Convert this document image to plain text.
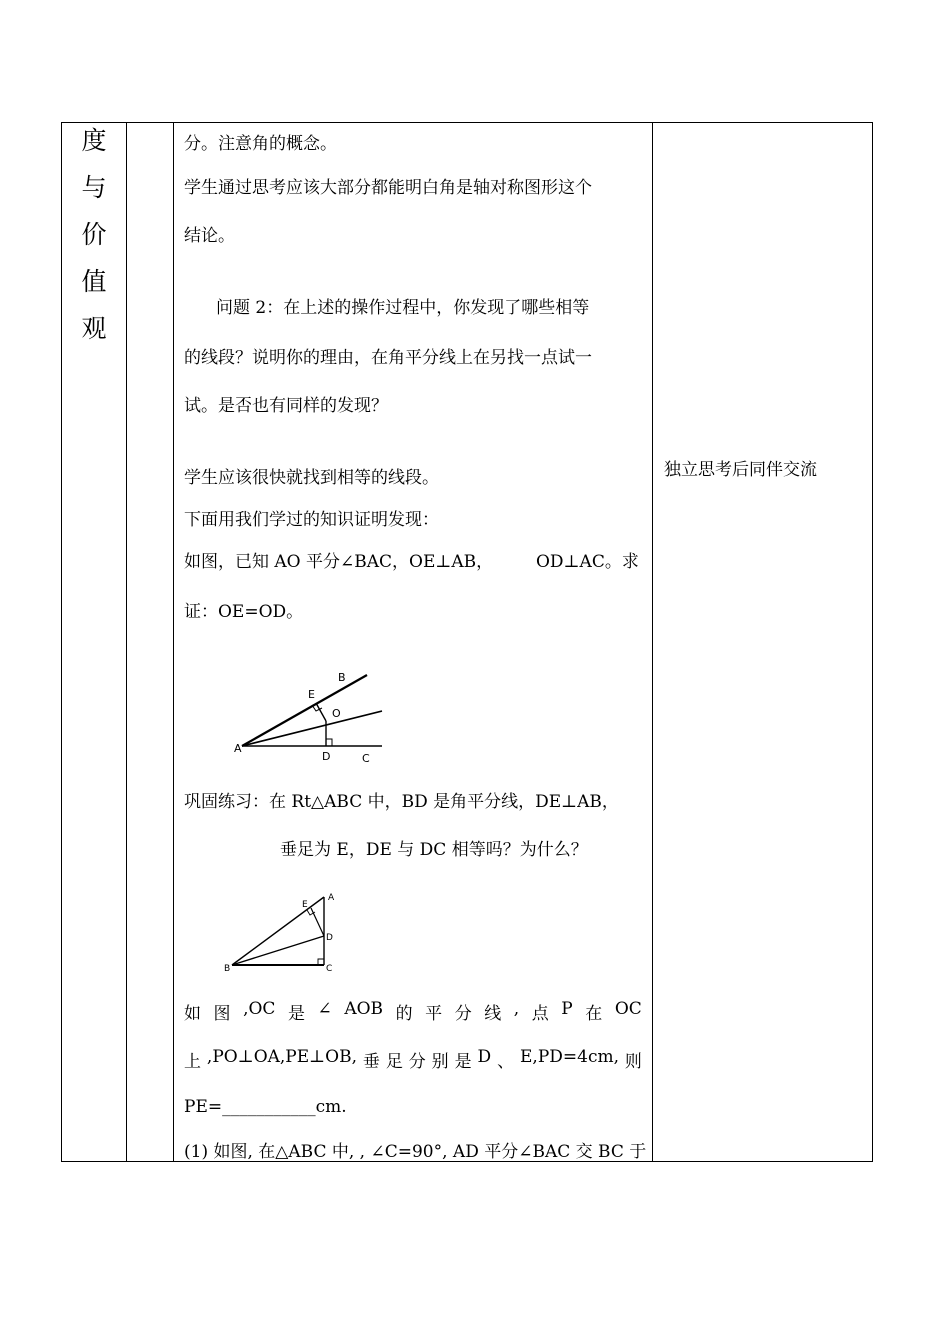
度
与
价
值
观
分。注意角的概念。
学生通过思考应该大部分都能明白角是轴对称图形这个
结论。
问题 2：在上述的操作过程中，你发现了哪些相等
的线段？说明你的理由，在角平分线上在另找一点试一
试。是否也有同样的发现？
学生应该很快就找到相等的线段。
下面用我们学过的知识证明发现：
如图，已知 AO 平分∠BAC，OE⊥AB，	OD⊥AC。求
证：OE=OD。
A
B
E
O
D	C
巩固练习：在 Rt△ABC 中，BD 是角平分线，DE⊥AB，
垂足为 E，DE 与 DC 相等吗？为什么？
B
A
E
D
C
如 图 ,OC 是 ∠ AOB 的 平 分 线 , 点 P 在 OC
上 ,PO⊥OA,PE⊥OB, 垂 足 分 别 是 D 、 E,PD=4cm, 则
PE=___________cm.
(1) 如图, 在△ABC 中, , ∠C=90°, AD 平分∠BAC 交 BC 于
独立思考后同伴交流
